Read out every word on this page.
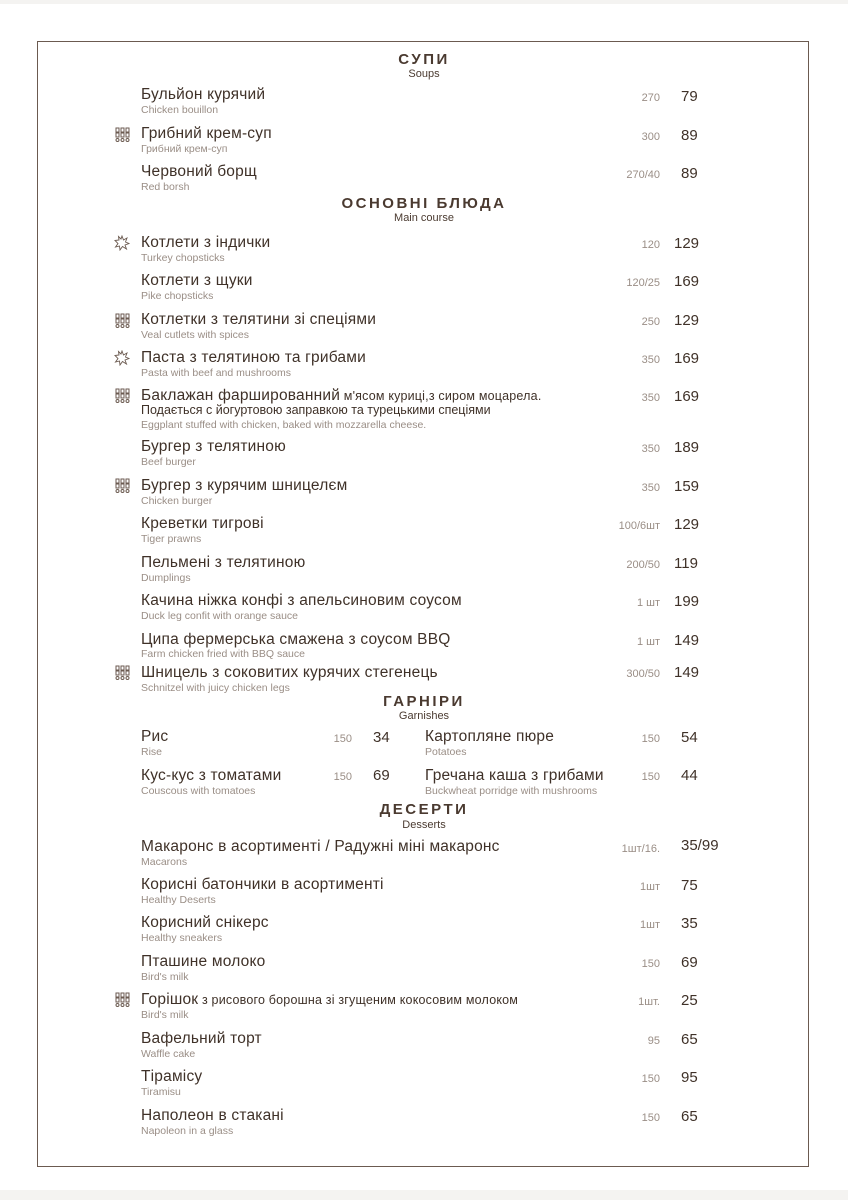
СУПИ
Soups
Бульйон курячий
Chicken bouillon
270 79
Грибний крем-суп
Грибний крем-суп
300 89
Червоний борщ
Red borsh
270/40 89
ОСНОВНІ БЛЮДА
Main course
Котлети з індички
Turkey chopsticks
120 129
Котлети з щуки
Pike chopsticks
120/25 169
Котлетки з телятини зі спеціями
Veal cutlets with spices
250 129
Паста з телятиною та грибами
Pasta with beef and mushrooms
350 169
Баклажан фаршированний м'ясом куриці,з сиром моцарела.
Подається с йогуртовою заправкою та турецькими спеціями
Eggplant stuffed with chicken, baked with mozzarella cheese.
350 169
Бургер з телятиною
Beef burger
350 189
Бургер з курячим шницелєм
Chicken burger
350 159
Креветки тигрові
Tiger prawns
100/6шт 129
Пельмені з телятиною
Dumplings
200/50 119
Качина ніжка конфі з апельсиновим соусом
Duck leg confit with orange sauce
1 шт 199
Ципа фермерська смажена з соусом BBQ
Farm chicken fried with BBQ sauce
1 шт 149
Шницель з соковитих курячих стегенець
Schnitzel with juicy chicken legs
300/50 149
ГАРНІРИ
Garnishes
Рис
Rise
150 34 Картопляне пюре
Potatoes
150 54
Кус-кус з томатами
Couscous with tomatoes
150 69 Гречана каша з грибами
Buckwheat porridge with mushrooms
150 44
ДЕСЕРТИ
Desserts
Макаронс в асортименті / Радужні міні макаронс
Macarons
1шт/16. 35/99
Корисні батончики в асортименті
Healthy Deserts
1шт 75
Корисний снікерс
Healthy sneakers
1шт 35
Пташине молоко
Bird's milk
150 69
Горішок з рисового борошна зі згущеним кокосовим молоком
Bird's milk
1шт. 25
Вафельний торт
Waffle cake
95 65
Тірамісу
Tiramisu
150 95
Наполеон в стакані
Napoleon in a glass
150 65
